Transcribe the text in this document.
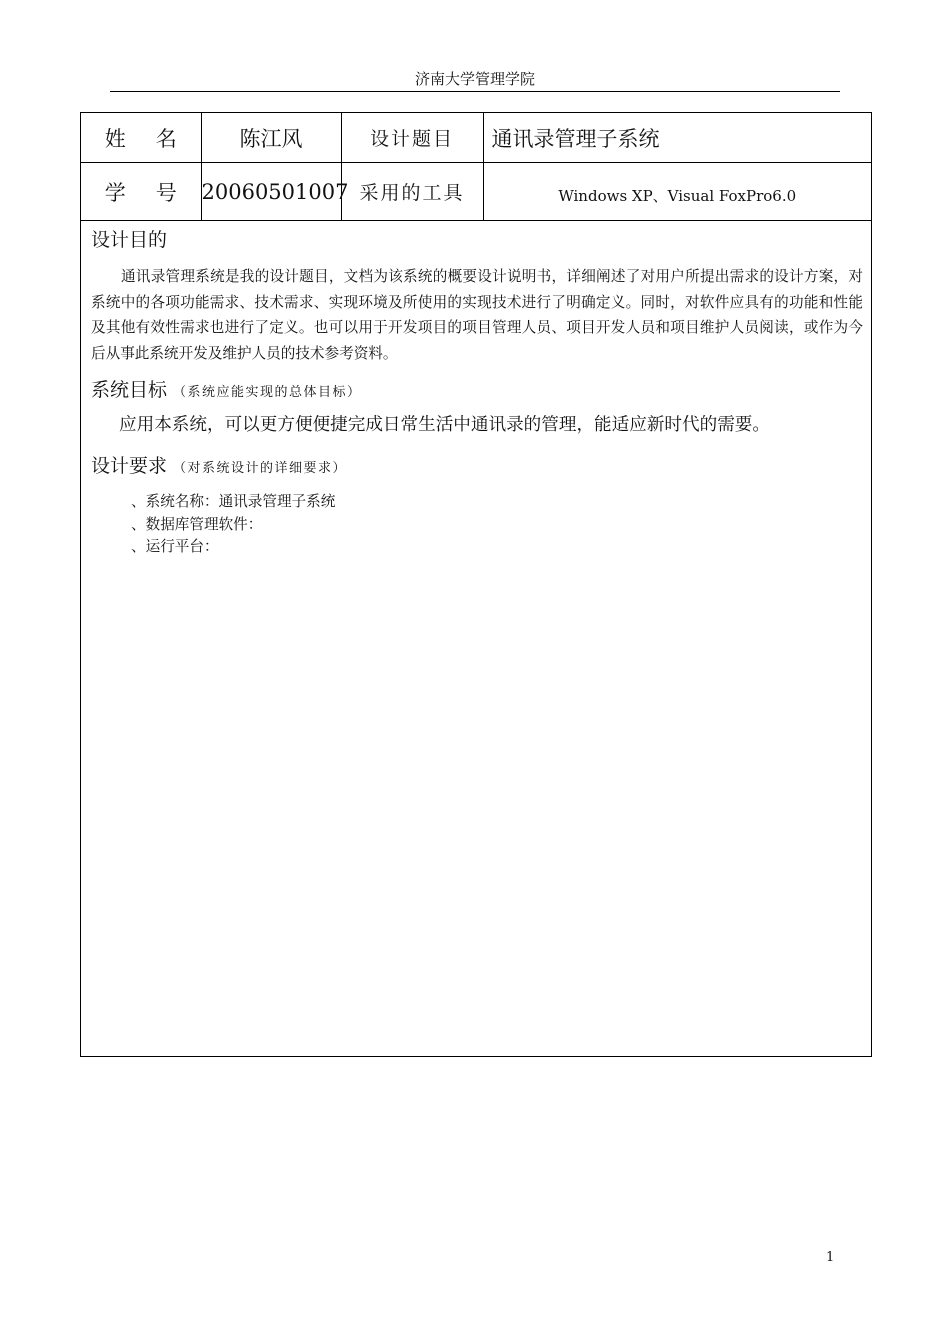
济南大学管理学院
姓 名	陈江风	设计题目	通讯录管理子系统
学 号	20060501007	采用的工具	Windows XP、Visual FoxPro6.0
设计目的
通讯录管理系统是我的设计题目，文档为该系统的概要设计说明书，详细阐述了对用户所提出需求的设计方案，对系统中的各项功能需求、技术需求、实现环境及所使用的实现技术进行了明确定义。同时，对软件应具有的功能和性能及其他有效性需求也进行了定义。也可以用于开发项目的项目管理人员、项目开发人员和项目维护人员阅读，或作为今后从事此系统开发及维护人员的技术参考资料。
系统目标 （系统应能实现的总体目标）
应用本系统，可以更方便便捷完成日常生活中通讯录的管理，能适应新时代的需要。
设计要求 （对系统设计的详细要求）
、系统名称：通讯录管理子系统
、数据库管理软件：
、运行平台：
1
